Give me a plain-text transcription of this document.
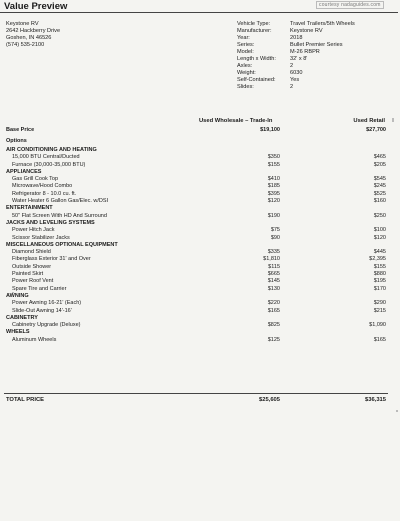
Value Preview	courtesy nadaguides.com
Keystone RV
2642 Hackberry Drive
Goshen, IN 46526
(574) 535-2100
Vehicle Type:	Travel Trailers/5th Wheels
Manufacturer:	Keystone RV
Year:	2018
Series:	Bullet Premier Series
Model:	M-26 RBPR
Length x Width:	32' x 8'
Axles:	2
Weight:	6030
Self-Contained:	Yes
Slides:	2
Used Wholesale – Trade-In	Used Retail
Base Price	$19,100	$27,700
Options
AIR CONDITIONING AND HEATING
15,000 BTU Central/Ducted	$350	$465
Furnace (30,000-35,000 BTU)	$155	$205
APPLIANCES
Gas Grill Cook Top	$410	$545
Microwave/Hood Combo	$185	$245
Refrigerator 8 - 10.0 cu. ft.	$395	$525
Water Heater 6 Gallon Gas/Elec. w/DSI	$120	$160
ENTERTAINMENT
50" Flat Screen With HD And Surround	$190	$250
JACKS AND LEVELING SYSTEMS
Power Hitch Jack	$75	$100
Scissor Stabilizer Jacks	$90	$120
MISCELLANEOUS OPTIONAL EQUIPMENT
Diamond Shield	$335	$445
Fiberglass Exterior 31' and Over	$1,810	$2,395
Outside Shower	$115	$155
Painted Skirt	$665	$880
Power Roof Vent	$145	$195
Spare Tire and Carrier	$130	$170
AWNING
Power Awning 16-21' (Each)	$220	$290
Slide-Out Awning 14'-16'	$165	$215
CABINETRY
Cabinetry Upgrade (Deluxe)	$825	$1,090
WHEELS
Aluminum Wheels	$125	$165
TOTAL PRICE	$25,605	$36,315
